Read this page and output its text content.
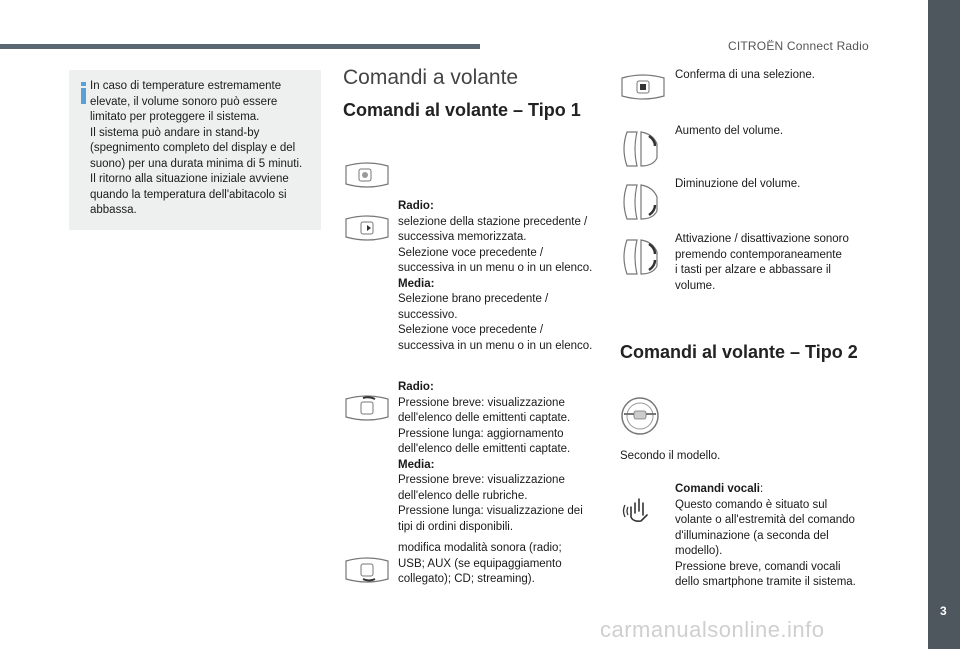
CITROËN Connect Radio
3
In caso di temperature estremamente
elevate, il volume sonoro può essere
limitato per proteggere il sistema.
Il sistema può andare in stand-by
(spegnimento completo del display e del
suono) per una durata minima di 5 minuti.
Il ritorno alla situazione iniziale avviene
quando la temperatura dell'abitacolo si
abbassa.
Comandi a volante
Comandi al volante – Tipo 1
Radio:
selezione della stazione precedente /
successiva memorizzata.
Selezione voce precedente /
successiva in un menu o in un elenco.
Media:
Selezione brano precedente /
successivo.
Selezione voce precedente /
successiva in un menu o in un elenco.
Radio:
Pressione breve: visualizzazione
dell'elenco delle emittenti captate.
Pressione lunga: aggiornamento
dell'elenco delle emittenti captate.
Media:
Pressione breve: visualizzazione
dell'elenco delle rubriche.
Pressione lunga: visualizzazione dei
tipi di ordini disponibili.
modifica modalità sonora (radio;
USB; AUX (se equipaggiamento
collegato); CD; streaming).
Conferma di una selezione.
Aumento del volume.
Diminuzione del volume.
Attivazione / disattivazione sonoro
premendo contemporaneamente
i tasti per alzare e abbassare il
volume.
Comandi al volante – Tipo 2
Secondo il modello.
Comandi vocali:
Questo comando è situato sul
volante o all'estremità del comando
d'illuminazione (a seconda del
modello).
Pressione breve, comandi vocali
dello smartphone tramite il sistema.
carmanualsonline.info
